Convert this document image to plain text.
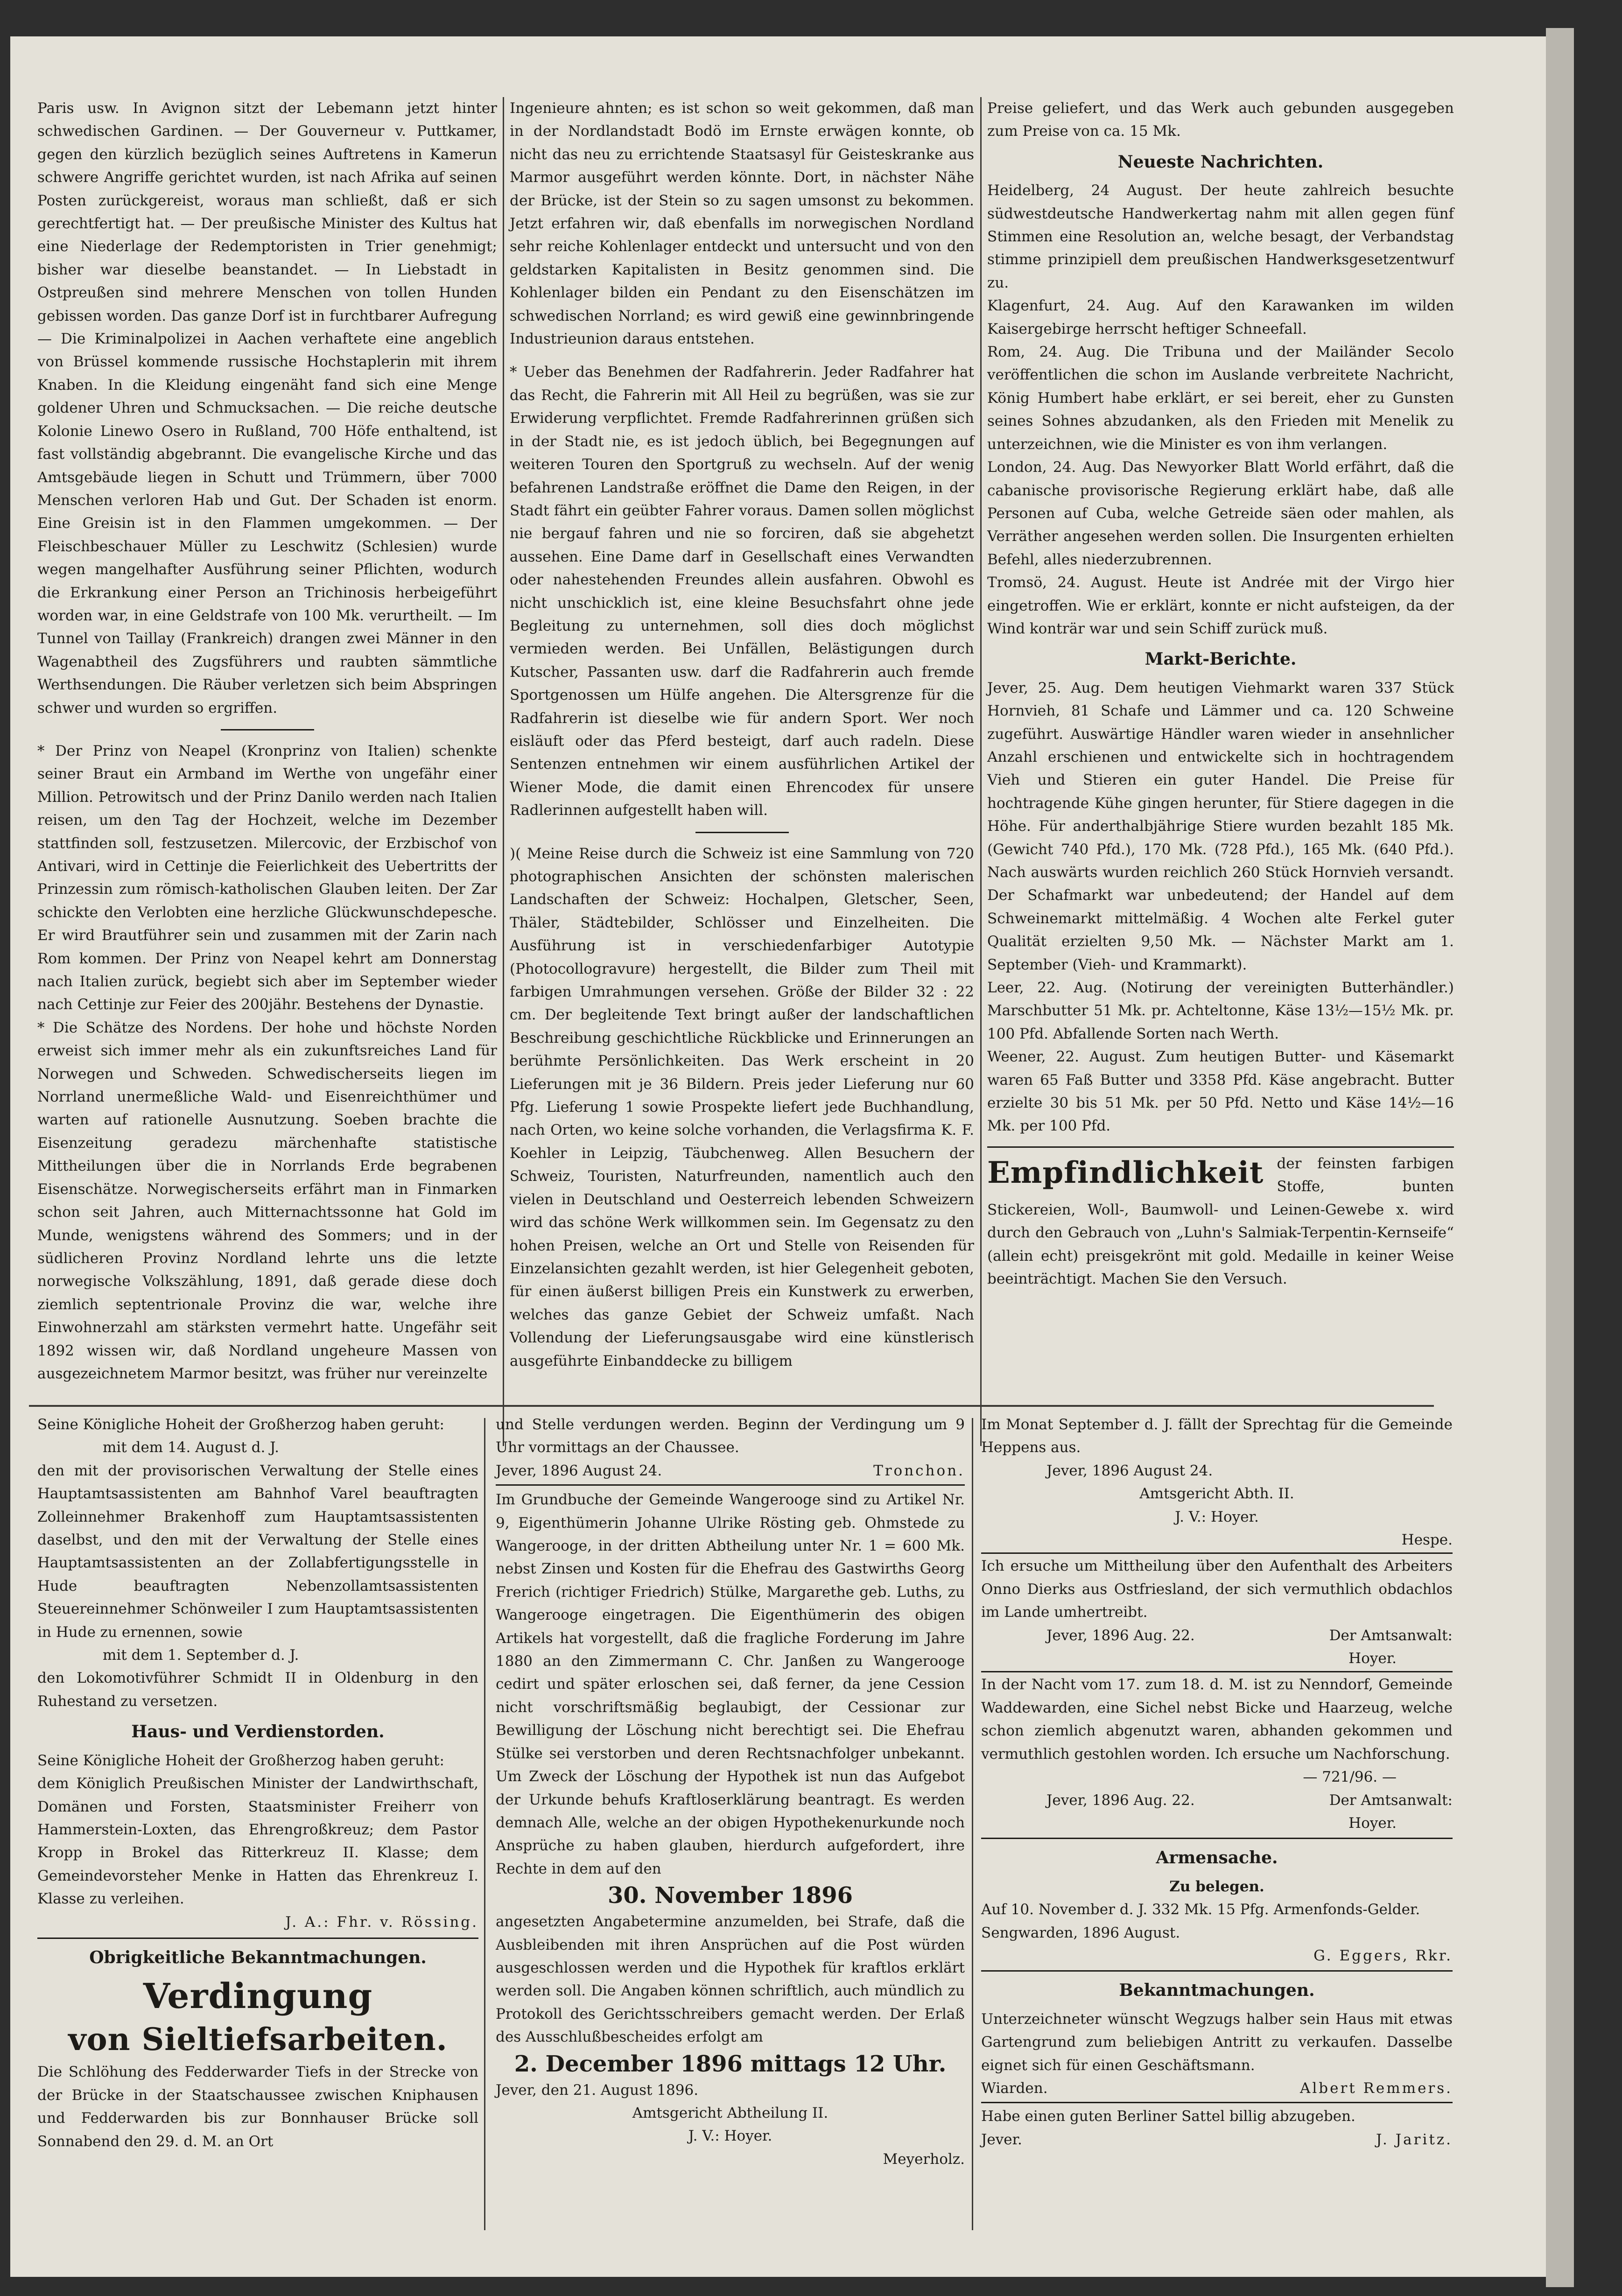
Paris usw. In Avignon sitzt der Lebemann jetzt hinter schwedischen Gardinen. — Der Gouverneur v. Puttkamer, gegen den kürzlich bezüglich seines Auftretens in Kamerun schwere Angriffe gerichtet wurden, ist nach Afrika auf seinen Posten zurückgereist, woraus man schließt, daß er sich gerechtfertigt hat. — Der preußische Minister des Kultus hat eine Niederlage der Redemptoristen in Trier genehmigt; bisher war dieselbe beanstandet. — In Liebstadt in Ostpreußen sind mehrere Menschen von tollen Hunden gebissen worden. Das ganze Dorf ist in furchtbarer Aufregung — Die Kriminalpolizei in Aachen verhaftete eine angeblich von Brüssel kommende russische Hochstaplerin mit ihrem Knaben. In die Kleidung eingenäht fand sich eine Menge goldener Uhren und Schmucksachen. — Die reiche deutsche Kolonie Linewo Osero in Rußland, 700 Höfe enthaltend, ist fast vollständig abgebrannt. Die evangelische Kirche und das Amtsgebäude liegen in Schutt und Trümmern, über 7000 Menschen verloren Hab und Gut. Der Schaden ist enorm. Eine Greisin ist in den Flammen umgekommen. — Der Fleischbeschauer Müller zu Leschwitz (Schlesien) wurde wegen mangelhafter Ausführung seiner Pflichten, wodurch die Erkrankung einer Person an Trichinosis herbeigeführt worden war, in eine Geldstrafe von 100 Mk. verurtheilt. — Im Tunnel von Taillay (Frankreich) drangen zwei Männer in den Wagenabtheil des Zugsführers und raubten sämmtliche Werthsendungen. Die Räuber verletzen sich beim Abspringen schwer und wurden so ergriffen.

* Der Prinz von Neapel (Kronprinz von Italien) schenkte seiner Braut ein Armband im Werthe von ungefähr einer Million. Petrowitsch und der Prinz Danilo werden nach Italien reisen, um den Tag der Hochzeit, welche im Dezember stattfinden soll, festzusetzen. Milercovic, der Erzbischof von Antivari, wird in Cettinje die Feierlichkeit des Uebertritts der Prinzessin zum römisch-katholischen Glauben leiten. Der Zar schickte den Verlobten eine herzliche Glückwunschdepesche. Er wird Brautführer sein und zusammen mit der Zarin nach Rom kommen. Der Prinz von Neapel kehrt am Donnerstag nach Italien zurück, begiebt sich aber im September wieder nach Cettinje zur Feier des 200jähr. Bestehens der Dynastie.

* Die Schätze des Nordens. Der hohe und höchste Norden erweist sich immer mehr als ein zukunftsreiches Land für Norwegen und Schweden. Schwedischerseits liegen im Norrland unermeßliche Wald- und Eisenreichthümer und warten auf rationelle Ausnutzung. Soeben brachte die Eisenzeitung geradezu märchenhafte statistische Mittheilungen über die in Norrlands Erde begrabenen Eisenschätze. Norwegischerseits erfährt man in Finmarken schon seit Jahren, auch Mitternachtssonne hat Gold im Munde, wenigstens während des Sommers; und in der südlicheren Provinz Nordland lehrte uns die letzte norwegische Volkszählung, 1891, daß gerade diese doch ziemlich septentrionale Provinz die war, welche ihre Einwohnerzahl am stärksten vermehrt hatte. Ungefähr seit 1892 wissen wir, daß Nordland ungeheure Massen von ausgezeichnetem Marmor besitzt, was früher nur vereinzelte

Ingenieure ahnten; es ist schon so weit gekommen, daß man in der Nordlandstadt Bodö im Ernste erwägen konnte, ob nicht das neu zu errichtende Staatsasyl für Geisteskranke aus Marmor ausgeführt werden könnte. Dort, in nächster Nähe der Brücke, ist der Stein so zu sagen umsonst zu bekommen. Jetzt erfahren wir, daß ebenfalls im norwegischen Nordland sehr reiche Kohlenlager entdeckt und untersucht und von den geldstarken Kapitalisten in Besitz genommen sind. Die Kohlenlager bilden ein Pendant zu den Eisenschätzen im schwedischen Norrland; es wird gewiß eine gewinnbringende Industrieunion daraus entstehen.

* Ueber das Benehmen der Radfahrerin. Jeder Radfahrer hat das Recht, die Fahrerin mit All Heil zu begrüßen, was sie zur Erwiderung verpflichtet. Fremde Radfahrerinnen grüßen sich in der Stadt nie, es ist jedoch üblich, bei Begegnungen auf weiteren Touren den Sportgruß zu wechseln. Auf der wenig befahrenen Landstraße eröffnet die Dame den Reigen, in der Stadt fährt ein geübter Fahrer voraus. Damen sollen möglichst nie bergauf fahren und nie so forciren, daß sie abgehetzt aussehen. Eine Dame darf in Gesellschaft eines Verwandten oder nahestehenden Freundes allein ausfahren. Obwohl es nicht unschicklich ist, eine kleine Besuchsfahrt ohne jede Begleitung zu unternehmen, soll dies doch möglichst vermieden werden. Bei Unfällen, Belästigungen durch Kutscher, Passanten usw. darf die Radfahrerin auch fremde Sportgenossen um Hülfe angehen. Die Altersgrenze für die Radfahrerin ist dieselbe wie für andern Sport. Wer noch eisläuft oder das Pferd besteigt, darf auch radeln. Diese Sentenzen entnehmen wir einem ausführlichen Artikel der Wiener Mode, die damit einen Ehrencodex für unsere Radlerinnen aufgestellt haben will.

)( Meine Reise durch die Schweiz ist eine Sammlung von 720 photographischen Ansichten der schönsten malerischen Landschaften der Schweiz: Hochalpen, Gletscher, Seen, Thäler, Städtebilder, Schlösser und Einzelheiten. Die Ausführung ist in verschiedenfarbiger Autotypie (Photocollogravure) hergestellt, die Bilder zum Theil mit farbigen Umrahmungen versehen. Größe der Bilder 32 : 22 cm. Der begleitende Text bringt außer der landschaftlichen Beschreibung geschichtliche Rückblicke und Erinnerungen an berühmte Persönlichkeiten. Das Werk erscheint in 20 Lieferungen mit je 36 Bildern. Preis jeder Lieferung nur 60 Pfg. Lieferung 1 sowie Prospekte liefert jede Buchhandlung, nach Orten, wo keine solche vorhanden, die Verlagsfirma K. F. Koehler in Leipzig, Täubchenweg. Allen Besuchern der Schweiz, Touristen, Naturfreunden, namentlich auch den vielen in Deutschland und Oesterreich lebenden Schweizern wird das schöne Werk willkommen sein. Im Gegensatz zu den hohen Preisen, welche an Ort und Stelle von Reisenden für Einzelansichten gezahlt werden, ist hier Gelegenheit geboten, für einen äußerst billigen Preis ein Kunstwerk zu erwerben, welches das ganze Gebiet der Schweiz umfaßt. Nach Vollendung der Lieferungsausgabe wird eine künstlerisch ausgeführte Einbanddecke zu billigem

Preise geliefert, und das Werk auch gebunden ausgegeben zum Preise von ca. 15 Mk.

Neueste Nachrichten.

Heidelberg, 24 August. Der heute zahlreich besuchte südwestdeutsche Handwerkertag nahm mit allen gegen fünf Stimmen eine Resolution an, welche besagt, der Verbandstag stimme prinzipiell dem preußischen Handwerksgesetzentwurf zu.

Klagenfurt, 24. Aug. Auf den Karawanken im wilden Kaisergebirge herrscht heftiger Schneefall.

Rom, 24. Aug. Die Tribuna und der Mailänder Secolo veröffentlichen die schon im Auslande verbreitete Nachricht, König Humbert habe erklärt, er sei bereit, eher zu Gunsten seines Sohnes abzudanken, als den Frieden mit Menelik zu unterzeichnen, wie die Minister es von ihm verlangen.

London, 24. Aug. Das Newyorker Blatt World erfährt, daß die cabanische provisorische Regierung erklärt habe, daß alle Personen auf Cuba, welche Getreide säen oder mahlen, als Verräther angesehen werden sollen. Die Insurgenten erhielten Befehl, alles niederzubrennen.

Tromsö, 24. August. Heute ist Andrée mit der Virgo hier eingetroffen. Wie er erklärt, konnte er nicht aufsteigen, da der Wind konträr war und sein Schiff zurück muß.

Markt-Berichte.

Jever, 25. Aug. Dem heutigen Viehmarkt waren 337 Stück Hornvieh, 81 Schafe und Lämmer und ca. 120 Schweine zugeführt. Auswärtige Händler waren wieder in ansehnlicher Anzahl erschienen und entwickelte sich in hochtragendem Vieh und Stieren ein guter Handel. Die Preise für hochtragende Kühe gingen herunter, für Stiere dagegen in die Höhe. Für anderthalbjährige Stiere wurden bezahlt 185 Mk. (Gewicht 740 Pfd.), 170 Mk. (728 Pfd.), 165 Mk. (640 Pfd.). Nach auswärts wurden reichlich 260 Stück Hornvieh versandt. Der Schafmarkt war unbedeutend; der Handel auf dem Schweinemarkt mittelmäßig. 4 Wochen alte Ferkel guter Qualität erzielten 9,50 Mk. — Nächster Markt am 1. September (Vieh- und Krammarkt).

Leer, 22. Aug. (Notirung der vereinigten Butterhändler.) Marschbutter 51 Mk. pr. Achteltonne, Käse 13½—15½ Mk. pr. 100 Pfd. Abfallende Sorten nach Werth.

Weener, 22. August. Zum heutigen Butter- und Käsemarkt waren 65 Faß Butter und 3358 Pfd. Käse angebracht. Butter erzielte 30 bis 51 Mk. per 50 Pfd. Netto und Käse 14½—16 Mk. per 100 Pfd.

Empfindlichkeit der feinsten farbigen Stoffe, bunten Stickereien, Woll-, Baumwoll- und Leinen-Gewebe x. wird durch den Gebrauch von „Luhn's Salmiak-Terpentin-Kernseife“ (allein echt) preisgekrönt mit gold. Medaille in keiner Weise beeinträchtigt. Machen Sie den Versuch.

Seine Königliche Hoheit der Großherzog haben geruht:

mit dem 14. August d. J.

den mit der provisorischen Verwaltung der Stelle eines Hauptamtsassistenten am Bahnhof Varel beauftragten Zolleinnehmer Brakenhoff zum Hauptamtsassistenten daselbst, und den mit der Verwaltung der Stelle eines Hauptamtsassistenten an der Zollabfertigungsstelle in Hude beauftragten Nebenzollamtsassistenten Steuereinnehmer Schönweiler I zum Hauptamtsassistenten in Hude zu ernennen, sowie

mit dem 1. September d. J.

den Lokomotivführer Schmidt II in Oldenburg in den Ruhestand zu versetzen.

Haus- und Verdienstorden.

Seine Königliche Hoheit der Großherzog haben geruht:

dem Königlich Preußischen Minister der Landwirthschaft, Domänen und Forsten, Staatsminister Freiherr von Hammerstein-Loxten, das Ehrengroßkreuz; dem Pastor Kropp in Brokel das Ritterkreuz II. Klasse; dem Gemeindevorsteher Menke in Hatten das Ehrenkreuz I. Klasse zu verleihen.

J. A.: Fhr. v. Rössing.

Obrigkeitliche Bekanntmachungen.
Verdingung
von Sieltiefsarbeiten.

Die Schlöhung des Fedderwarder Tiefs in der Strecke von der Brücke in der Staatschaussee zwischen Kniphausen und Fedderwarden bis zur Bonnhauser Brücke soll Sonnabend den 29. d. M. an Ort

und Stelle verdungen werden. Beginn der Verdingung um 9 Uhr vormittags an der Chaussee.

Jever, 1896 August 24.	Tronchon.

Im Grundbuche der Gemeinde Wangerooge sind zu Artikel Nr. 9, Eigenthümerin Johanne Ulrike Rösting geb. Ohmstede zu Wangerooge, in der dritten Abtheilung unter Nr. 1 = 600 Mk. nebst Zinsen und Kosten für die Ehefrau des Gastwirths Georg Frerich (richtiger Friedrich) Stülke, Margarethe geb. Luths, zu Wangerooge eingetragen. Die Eigenthümerin des obigen Artikels hat vorgestellt, daß die fragliche Forderung im Jahre 1880 an den Zimmermann C. Chr. Janßen zu Wangerooge cedirt und später erloschen sei, daß ferner, da jene Cession nicht vorschriftsmäßig beglaubigt, der Cessionar zur Bewilligung der Löschung nicht berechtigt sei. Die Ehefrau Stülke sei verstorben und deren Rechtsnachfolger unbekannt. Um Zweck der Löschung der Hypothek ist nun das Aufgebot der Urkunde behufs Kraftloserklärung beantragt. Es werden demnach Alle, welche an der obigen Hypothekenurkunde noch Ansprüche zu haben glauben, hierdurch aufgefordert, ihre Rechte in dem auf den

30. November 1896

angesetzten Angabetermine anzumelden, bei Strafe, daß die Ausbleibenden mit ihren Ansprüchen auf die Post würden ausgeschlossen werden und die Hypothek für kraftlos erklärt werden soll. Die Angaben können schriftlich, auch mündlich zu Protokoll des Gerichtsschreibers gemacht werden. Der Erlaß des Ausschlußbescheides erfolgt am

2. December 1896 mittags 12 Uhr.

Jever, den 21. August 1896.

Amtsgericht Abtheilung II.

J. V.: Hoyer.

Meyerholz.

Im Monat September d. J. fällt der Sprechtag für die Gemeinde Heppens aus.

Jever, 1896 August 24.

Amtsgericht Abth. II.

J. V.: Hoyer.

Hespe.

Ich ersuche um Mittheilung über den Aufenthalt des Arbeiters Onno Dierks aus Ostfriesland, der sich vermuthlich obdachlos im Lande umhertreibt.

Jever, 1896 Aug. 22.	Der Amtsanwalt:

Hoyer.

In der Nacht vom 17. zum 18. d. M. ist zu Nenndorf, Gemeinde Waddewarden, eine Sichel nebst Bicke und Haarzeug, welche schon ziemlich abgenutzt waren, abhanden gekommen und vermuthlich gestohlen worden. Ich ersuche um Nachforschung.

— 721/96. —

Jever, 1896 Aug. 22.	Der Amtsanwalt:

Hoyer.

Armensache.

Zu belegen.

Auf 10. November d. J. 332 Mk. 15 Pfg. Armenfonds-Gelder.

Sengwarden, 1896 August.

G. Eggers, Rkr.

Bekanntmachungen.

Unterzeichneter wünscht Wegzugs halber sein Haus mit etwas Gartengrund zum beliebigen Antritt zu verkaufen. Dasselbe eignet sich für einen Geschäftsmann.

Wiarden.	Albert Remmers.

Habe einen guten Berliner Sattel billig abzugeben.

Jever.	J. Jaritz.
